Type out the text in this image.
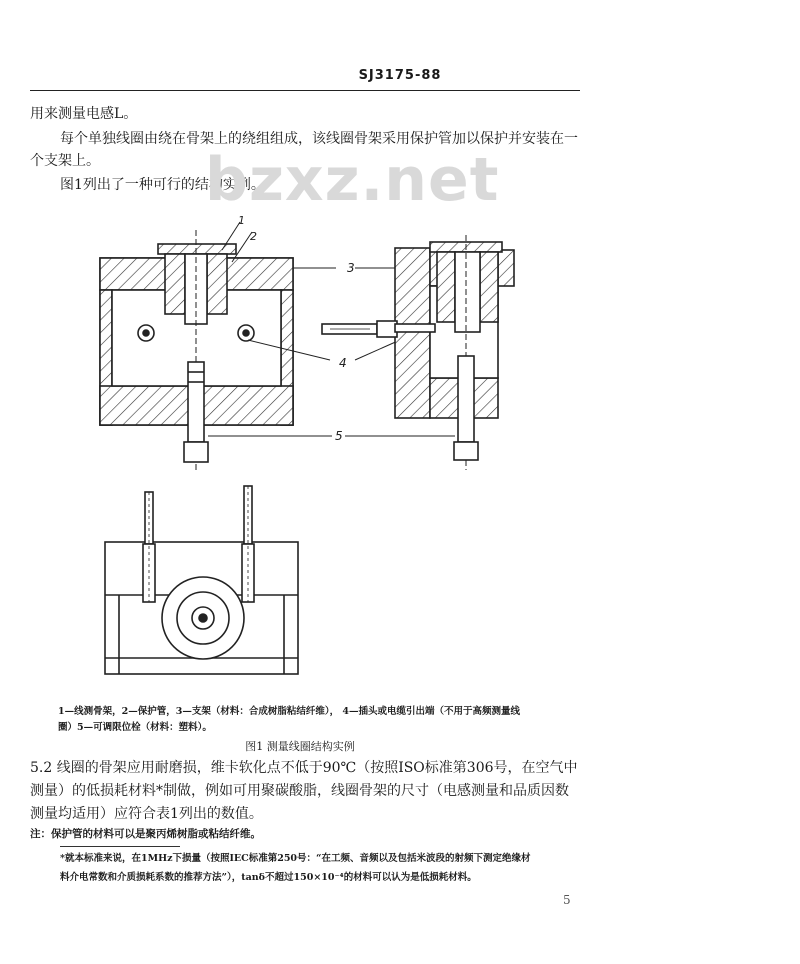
SJ3175-88
用来测量电感L。
每个单独线圈由绕在骨架上的绕组组成，该线圈骨架采用保护管加以保护并安装在一
个支架上。
图1列出了一种可行的结构实例。
bzxz.net
1
2
3
4
5
1—线测骨架，2—保护管，3—支架（材料：合成树脂粘结纤维）， 4—插头或电缆引出端（不用于高频测量线
圈）5—可调限位栓（材料：塑料）。
图1 测量线圈结构实例
5.2 线圈的骨架应用耐磨损，维卡软化点不低于90℃（按照ISO标准第306号，在空气中
测量）的低损耗材料*制做，例如可用聚碳酸脂，线圈骨架的尺寸（电感测量和品质因数
测量均适用）应符合表1列出的数值。
注：保护管的材料可以是聚丙烯树脂或粘结纤维。
*就本标准来说，在1MHz下损量（按照IEC标准第250号：“在工频、音频以及包括米波段的射频下测定绝缘材
料介电常数和介质损耗系数的推荐方法”），tanδ不超过150×10⁻⁴的材料可以认为是低损耗材料。
5
